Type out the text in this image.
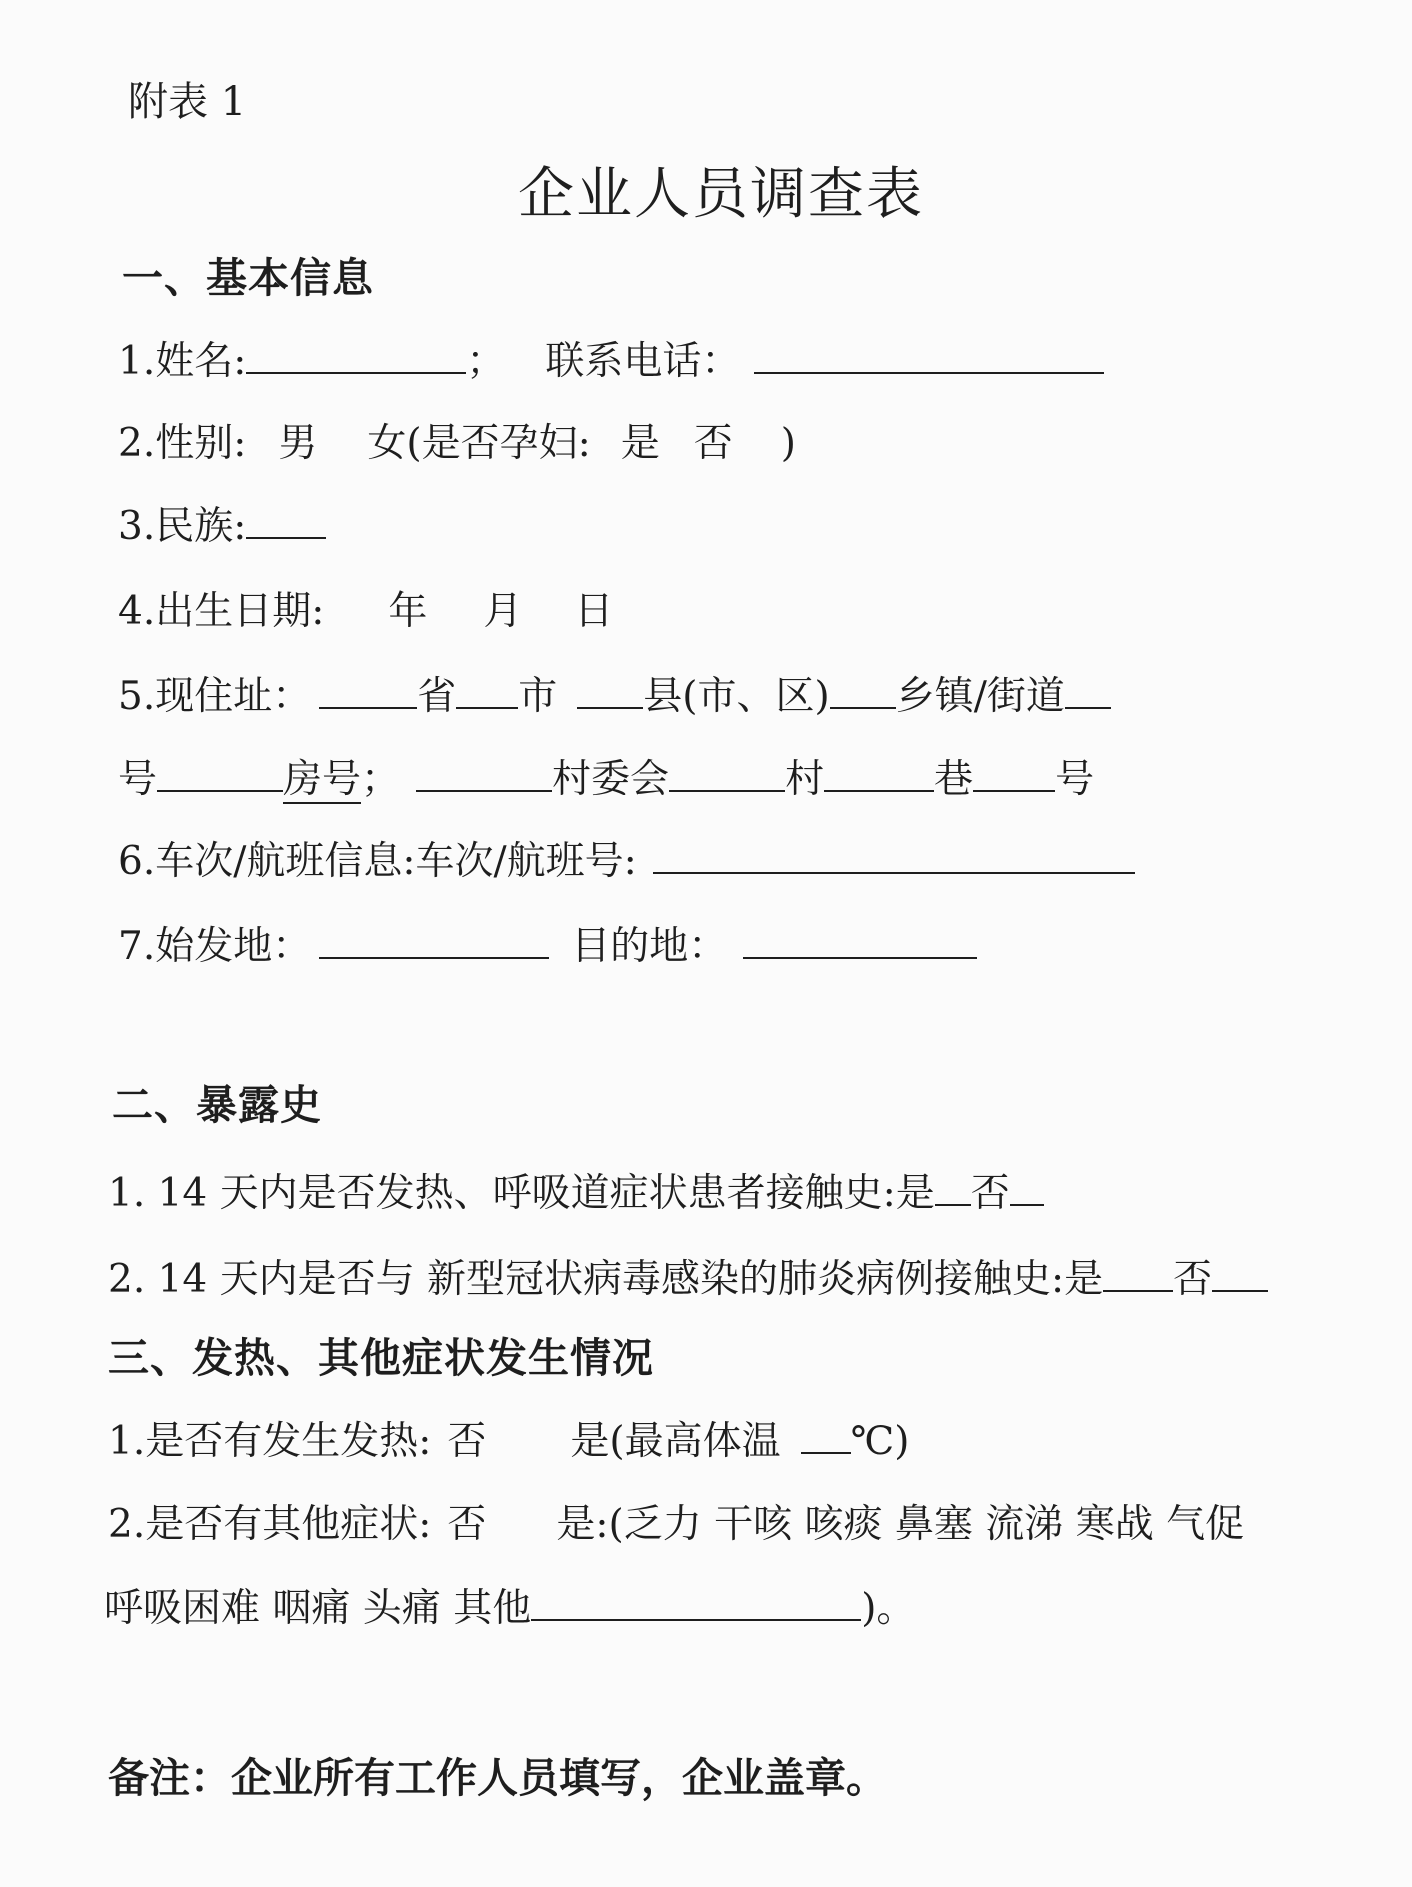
附表 1
企业人员调查表
一、基本信息
1.姓名:	； 联系电话：
2.性别: 男 女(是否孕妇: 是 否 )
3.民族:
4.出生日期: 年 月 日
5.现住址：	省 市 县(市、区) 乡镇/街道
号	房号；	村委会	村	巷 号
6.车次/航班信息:车次/航班号:
7.始发地：	目的地：
二、暴露史
1. 14 天内是否发热、呼吸道症状患者接触史:是 否
2. 14 天内是否与 新型冠状病毒感染的肺炎病例接触史:是 否
三、发热、其他症状发生情况
1.是否有发生发热: 否 是(最高体温 ℃)
2.是否有其他症状: 否 是:(乏力 干咳 咳痰 鼻塞 流涕 寒战 气促
呼吸困难 咽痛 头痛 其他	)。
备注：企业所有工作人员填写，企业盖章。
